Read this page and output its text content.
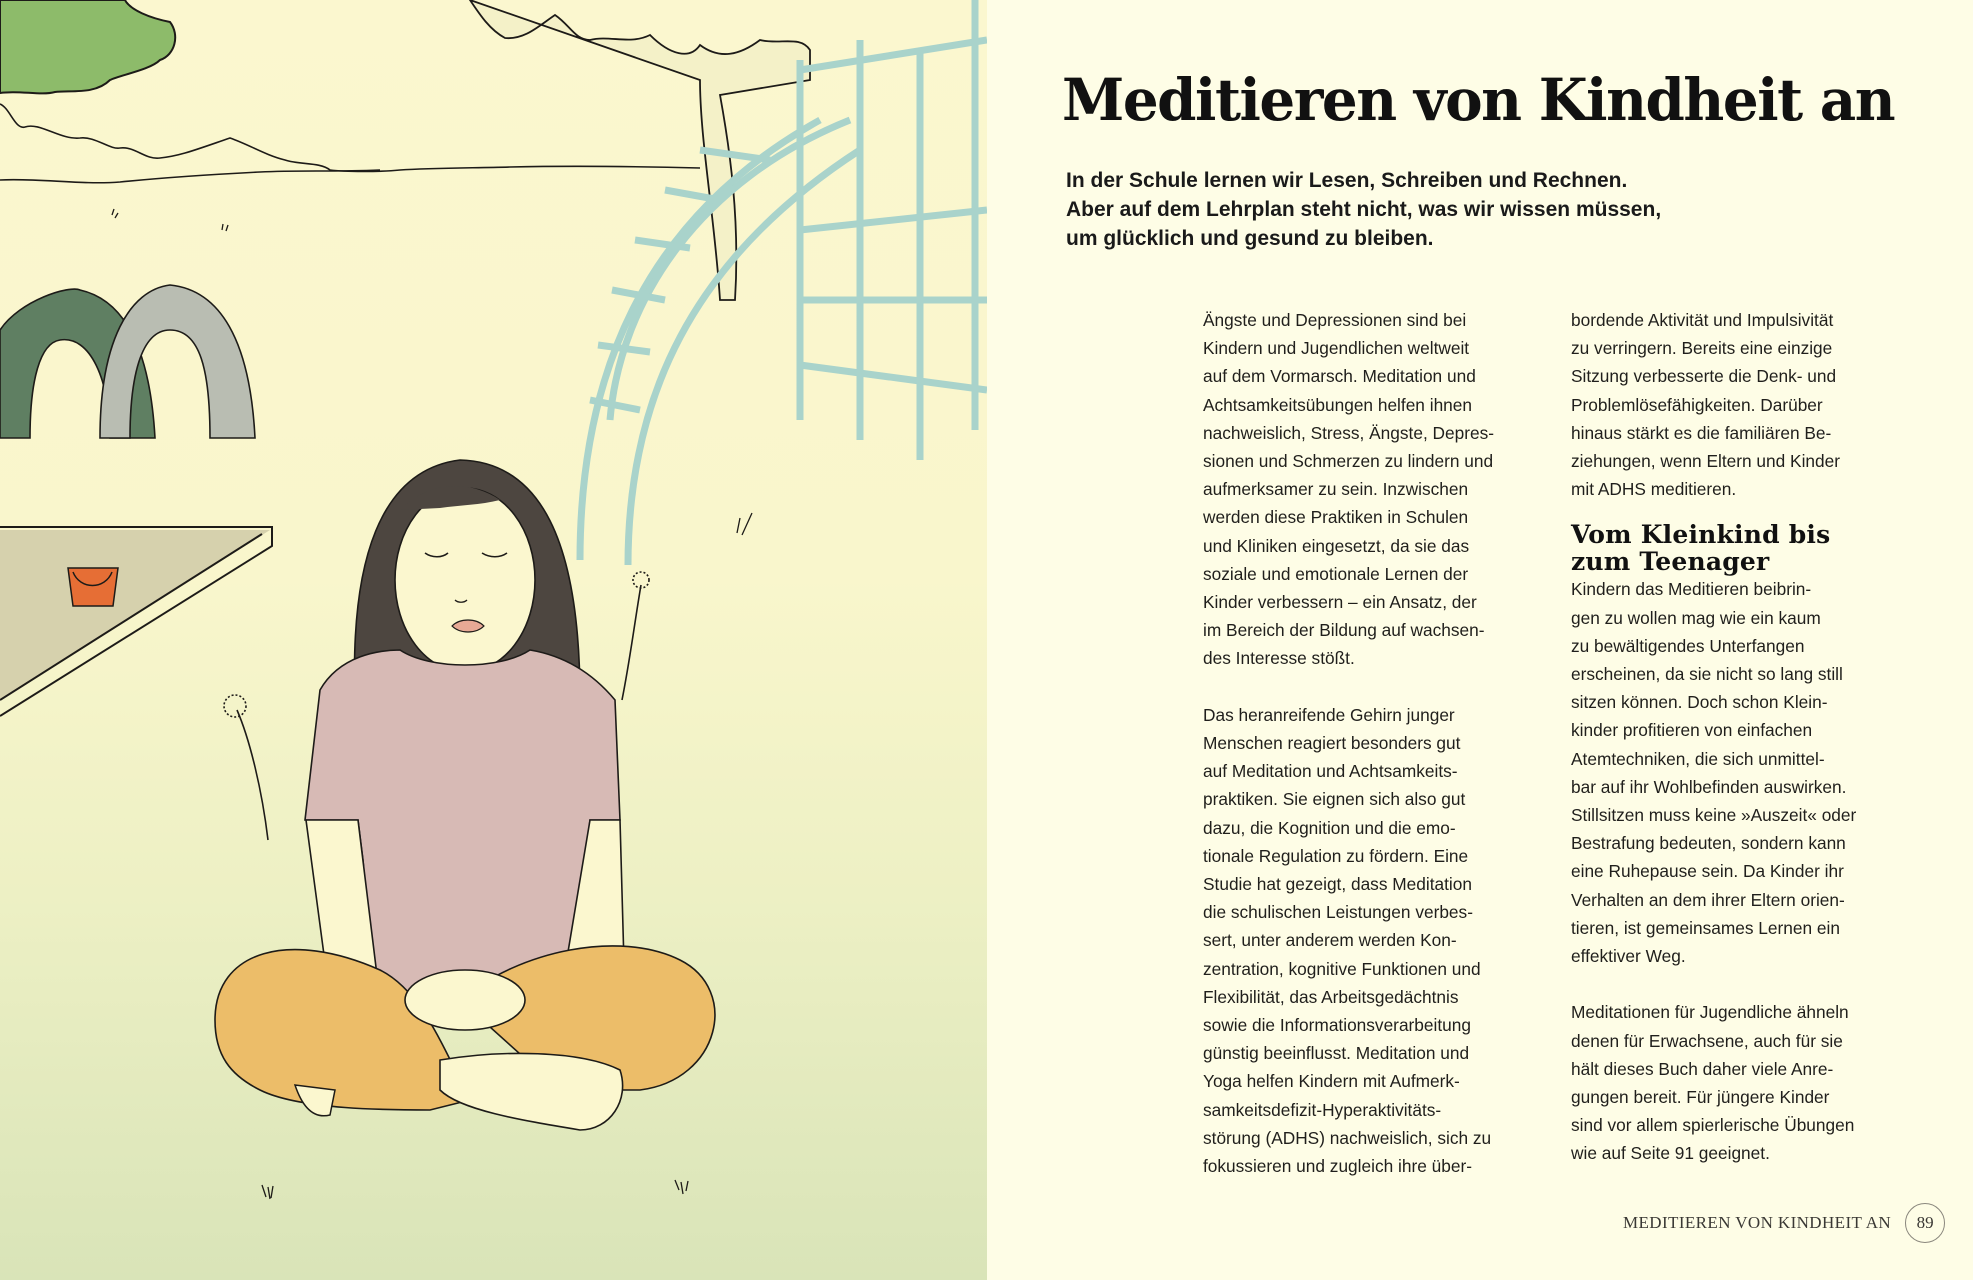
Meditieren von Kindheit an

In der Schule lernen wir Lesen, Schreiben und Rechnen.
Aber auf dem Lehrplan steht nicht, was wir wissen müssen,
um glücklich und gesund zu bleiben.

Ängste und Depressionen sind bei
Kindern und Jugendlichen weltweit
auf dem Vormarsch. Meditation und
Achtsamkeitsübungen helfen ihnen
nachweislich, Stress, Ängste, Depres-
sionen und Schmerzen zu lindern und
aufmerksamer zu sein. Inzwischen
werden diese Praktiken in Schulen
und Kliniken eingesetzt, da sie das
soziale und emotionale Lernen der
Kinder verbessern – ein Ansatz, der
im Bereich der Bildung auf wachsen-
des Interesse stößt.

Das heranreifende Gehirn junger
Menschen reagiert besonders gut
auf Meditation und Achtsamkeits-
praktiken. Sie eignen sich also gut
dazu, die Kognition und die emo-
tionale Regulation zu fördern. Eine
Studie hat gezeigt, dass Meditation
die schulischen Leistungen verbes-
sert, unter anderem werden Kon-
zentration, kognitive Funktionen und
Flexibilität, das Arbeitsgedächtnis
sowie die Informationsverarbeitung
günstig beeinflusst. Meditation und
Yoga helfen Kindern mit Aufmerk-
samkeitsdefizit-Hyperaktivitäts-
störung (ADHS) nachweislich, sich zu
fokussieren und zugleich ihre über-

bordende Aktivität und Impulsivität
zu verringern. Bereits eine einzige
Sitzung verbesserte die Denk- und
Problemlösefähigkeiten. Darüber
hinaus stärkt es die familiären Be-
ziehungen, wenn Eltern und Kinder
mit ADHS meditieren.

Vom Kleinkind bis
zum Teenager

Kindern das Meditieren beibrin-
gen zu wollen mag wie ein kaum
zu bewältigendes Unterfangen
erscheinen, da sie nicht so lang still
sitzen können. Doch schon Klein-
kinder profitieren von einfachen
Atemtechniken, die sich unmittel-
bar auf ihr Wohlbefinden auswirken.
Stillsitzen muss keine »Auszeit« oder
Bestrafung bedeuten, sondern kann
eine Ruhepause sein. Da Kinder ihr
Verhalten an dem ihrer Eltern orien-
tieren, ist gemeinsames Lernen ein
effektiver Weg.

Meditationen für Jugendliche ähneln
denen für Erwachsene, auch für sie
hält dieses Buch daher viele Anre-
gungen bereit. Für jüngere Kinder
sind vor allem spierlerische Übungen
wie auf Seite 91 geeignet.

MEDITIEREN VON KINDHEIT AN	89
